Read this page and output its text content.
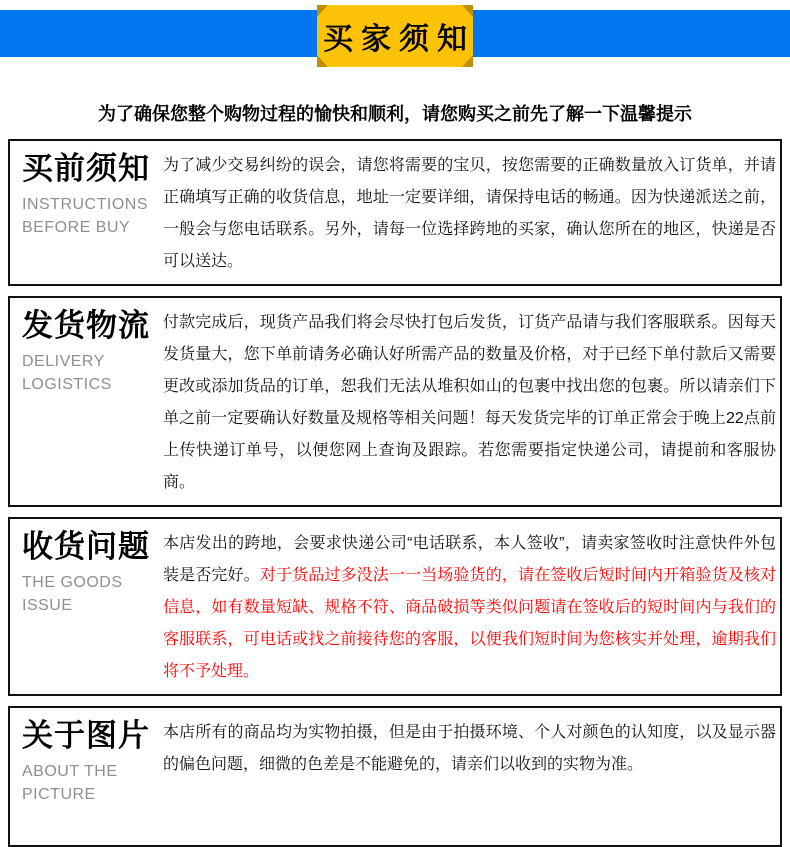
买家须知

为了确保您整个购物过程的愉快和顺利，请您购买之前先了解一下温馨提示

买前须知

INSTRUCTIONS BEFORE BUY

为了减少交易纠纷的误会，请您将需要的宝贝，按您需要的正确数量放入订货单，并请正确填写正确的收货信息，地址一定要详细，请保持电话的畅通。因为快递派送之前，一般会与您电话联系。另外，请每一位选择跨地的买家，确认您所在的地区，快递是否可以送达。
发货物流

DELIVERY LOGISTICS

付款完成后，现货产品我们将会尽快打包后发货，订货产品请与我们客服联系。因每天发货量大，您下单前请务必确认好所需产品的数量及价格，对于已经下单付款后又需要更改或添加货品的订单，恕我们无法从堆积如山的包裹中找出您的包裹。所以请亲们下单之前一定要确认好数量及规格等相关问题！每天发货完毕的订单正常会于晚上22点前上传快递订单号，以便您网上查询及跟踪。若您需要指定快递公司，请提前和客服协商。
收货问题

THE GOODS ISSUE

本店发出的跨地，会要求快递公司“电话联系，本人签收”，请卖家签收时注意快件外包装是否完好。对于货品过多没法一一当场验货的，请在签收后短时间内开箱验货及核对信息，如有数量短缺、规格不符、商品破损等类似问题请在签收后的短时间内与我们的客服联系，可电话或找之前接待您的客服，以便我们短时间为您核实并处理，逾期我们将不予处理。
关于图片

ABOUT THE PICTURE

本店所有的商品均为实物拍摄，但是由于拍摄环境、个人对颜色的认知度，以及显示器的偏色问题，细微的色差是不能避免的，请亲们以收到的实物为准。
